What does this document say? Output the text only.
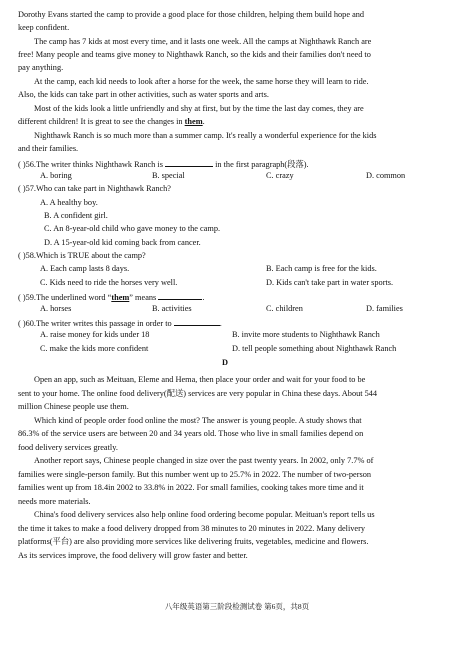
Dorothy Evans started the camp to provide a good place for those children, helping them build hope and
keep confident.
The camp has 7 kids at most every time, and it lasts one week. All the camps at Nighthawk Ranch are
free! Many people and teams give money to Nighthawk Ranch, so the kids and their families don't need to
pay anything.
At the camp, each kid needs to look after a horse for the week, the same horse they will learn to ride.
Also, the kids can take part in other activities, such as water sports and arts.
Most of the kids look a little unfriendly and shy at first, but by the time the last day comes, they are
different children! It is great to see the changes in them.
Nighthawk Ranch is so much more than a summer camp. It's really a wonderful experience for the kids
and their families.
( )56.The writer thinks Nighthawk Ranch is	in the first paragraph(段落).
A. boring	B. special	C. crazy	D. common
( )57.Who can take part in Nighthawk Ranch?
A. A healthy boy.
B. A confident girl.
C. An 8-year-old child who gave money to the camp.
D. A 15-year-old kid coming back from cancer.
( )58.Which is TRUE about the camp?
A. Each camp lasts 8 days.	B. Each camp is free for the kids.
C. Kids need to ride the horses very well.	D. Kids can't take part in water sports.
( )59.The underlined word “them” means	.
A. horses	B. activities	C. children	D. families
( )60.The writer writes this passage in order to	.
A. raise money for kids under 18	B. invite more students to Nighthawk Ranch
C. make the kids more confident	D. tell people something about Nighthawk Ranch
D
Open an app, such as Meituan, Eleme and Hema, then place your order and wait for your food to be
sent to your home. The online food delivery(配送) services are very popular in China these days. About 544
million Chinese people use them.
Which kind of people order food online the most? The answer is young people. A study shows that
86.3% of the service users are between 20 and 34 years old. Those who live in small families depend on
food delivery services greatly.
Another report says, Chinese people changed in size over the past twenty years. In 2002, only 7.7% of
families were single-person family. But this number went up to 25.7% in 2022. The number of two-person
families went up from 18.4in 2002 to 33.8% in 2022. For small families, cooking takes more time and it
needs more materials.
China's food delivery services also help online food ordering become popular. Meituan's report tells us
the time it takes to make a food delivery dropped from 38 minutes to 20 minutes in 2022. Many delivery
platforms(平台) are also providing more services like delivering fruits, vegetables, medicine and flowers.
As its services improve, the food delivery will grow faster and better.
八年级英语第三阶段检测试卷 第6页，共8页
